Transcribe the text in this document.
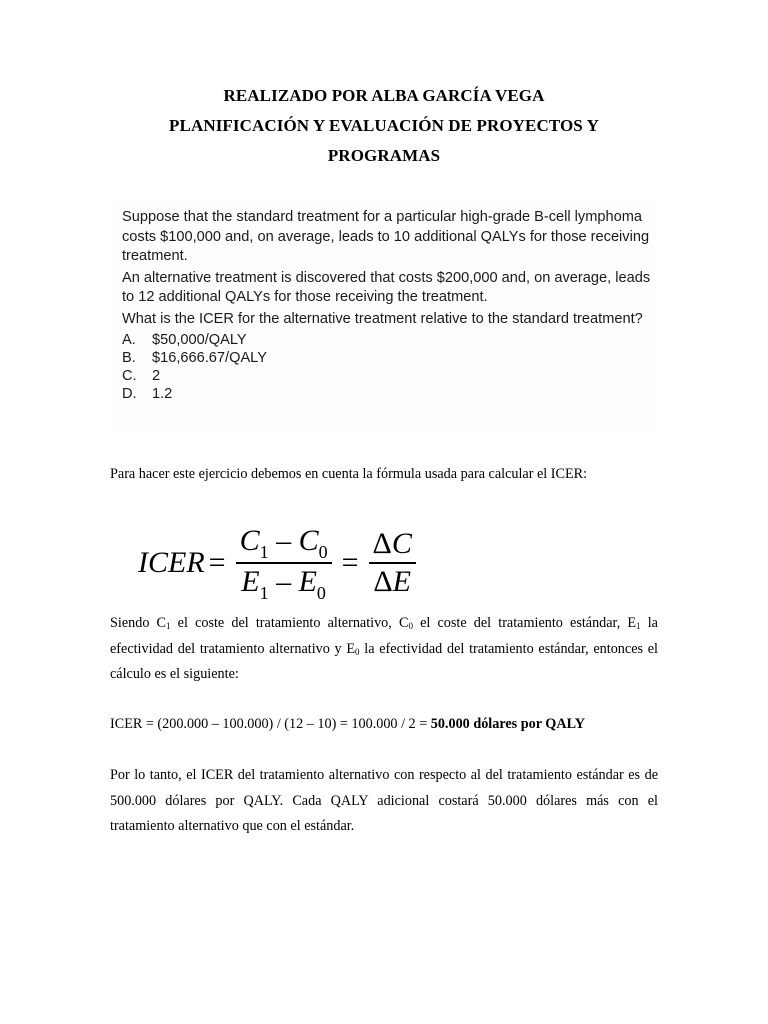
REALIZADO POR ALBA GARCÍA VEGA
PLANIFICACIÓN Y EVALUACIÓN DE PROYECTOS Y
PROGRAMAS

Suppose that the standard treatment for a particular high-grade B-cell lymphoma costs $100,000 and, on average, leads to 10 additional QALYs for those receiving treatment.

An alternative treatment is discovered that costs $200,000 and, on average, leads to 12 additional QALYs for those receiving the treatment.

What is the ICER for the alternative treatment relative to the standard treatment?

A.	$50,000/QALY
B.	$16,666.67/QALY
C.	2
D.	1.2
Para hacer este ejercicio debemos en cuenta la fórmula usada para calcular el ICER:
ICER = $\frac{C_1 - C_0}{E_1 - E_0} = \frac{\Delta C}{\Delta E}$
Siendo $C_1$ el coste del tratamiento alternativo, $C_0$ el coste del tratamiento estándar, $E_1$ la efectividad del tratamiento alternativo y $E_0$ la efectividad del tratamiento estándar, entonces el cálculo es el siguiente:
ICER = (200.000 – 100.000) / (12 – 10) = 100.000 / 2 = 50.000 dólares por QALY
Por lo tanto, el ICER del tratamiento alternativo con respecto al del tratamiento estándar es de 500.000 dólares por QALY. Cada QALY adicional costará 50.000 dólares más con el tratamiento alternativo que con el estándar.
